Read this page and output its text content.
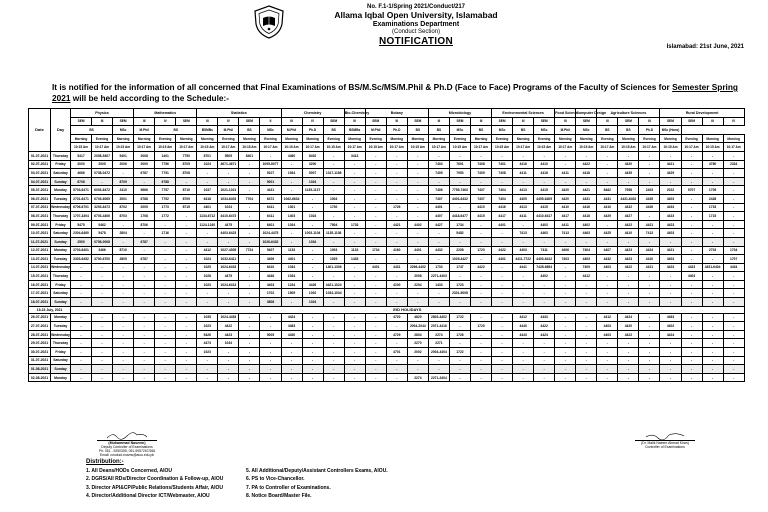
No. F.1-1/Spring 2021/Conduct/217
Allama Iqbal Open University, Islamabad
Examinations Department
(Conduct Section)
NOTIFICATION
Islamabad: 21st June, 2021
It is notified for the information of all concerned that Final Examinations of BS/M.Sc/MS/M.Phil & Ph.D (Face to Face) Programs of the Faculty of Sciences for Semester Spring 2021 will be held according to the Schedule:-
Date	Day	Physics			Mathematics			Statistics				Chemistry			Bio-Chemistry	Botany			Microbiology			Environmental Sciences			Food Science	Computer Design	Agriculture Sciences			Rural Development			
		SEM	III	SEM	III	IV	SEM	III	IV	SEM	II	III	IV	SEM	III	SEM	III	SEM	III	SEM	III	SEM	III	SEM	III	SEM	III	SEM	III	SEM	SEM	III	IV
		BS		MSc	M.Phil	BS		BSMBs	M.Phil	BS	MSc	M.Phil	Ph.D	BS	BSMBs	M.Phil	Ph.D	BS	BS	MSc	BS	MSc	BS	MSc	M.Phil	MSc	BS	BS	Ph.D	MSc (Hons)			
		Morning	Evening	Morning	Morning	Evening	Morning	Morning	Evening	Morning	Evening	Morning	Morning	Evening	Morning	Evening	Morning	Morning	Morning	Evening	Morning	Evening	Morning	Evening	Morning	Morning	Evening	Morning	Evening	Morning	Evening	Morning	Morning
		10:15 Am	10:17 Am	10:15 Am	10:17 Am	10:15 Am	10:17 Am	10:15 Am	10:17 Am	10:15 Am	10:17 Am	10:15 Am	10:17 Am	10:15 Am	10:17 Am	10:15 Am	10:17 Am	10:15 Am	10:17 Am	10:15 Am	10:17 Am	10:15 Am	10:17 Am	10:15 Am	10:17 Am	10:15 Am	10:17 Am	10:15 Am	10:17 Am	10:15 Am	10:17 Am	10:15 Am	10:17 Am
01-07-2021	Thursday	5417	2008-5407	5401	2008	1401	7750	8701	5505	8401	-	4460	8402	-	3413	-	-	-	-	-	-	-	-	-	-	-	-	-	-	-	-	-	-
02-07-2021	Friday	2000	2005	2006	2009	7756	8705	1024	4671-4671	-	1095-8077	-	3200	-	-	-	-	-	7403	7601	7408	7401	4416	4410	-	4422	-	4420	-	4421	-	4780	2334
03-07-2021	Saturday	4666	0738-0472	-	6787	7751	8708	-	-	-	5107	1934	5007	1317-1198	-	-	-	-	7405	7953	7409	7408	4411	4418	4411	4418	-	4435	-	4429	-	-	-
04-07-2021	Sunday	8708	-	8709	-	6788	-	-	-	-	5001	-	1024	-	-	-	-	-	-	-	-	-	-	-	-	-	-	-	-	-	-	-	-
05-07-2021	Monday	5703-6471	6003-6472	2410	5666	7757	8710	1037	1021-1021	-	4431	-	1135-1137	-	-	-	-	-	7406	7755-7463	7407	7404	4413	4415	4420	4421	8462	7958	2403	2022	5707	1705	-
06-07-2021	Tuesday	2701-6471	6703-6065	2001	6788	7752	8709	6418	1034-6403	7704	6472	1062-6634	-	1004	-	-	-	-	7407	4401-6432	7407	7404	4405	4405-6405	4420	4431	4431	4431-6402	4435	4403	-	2428	-
07-07-2021	Wednesday	6706-6701	3203-6473	8702	2005	1773	8715	4401	1024	-	6411	1301	-	1730	-	-	1726	-	4401	-	4410	4416	4413	4415	4410	4416	4410	4432	4426	4433	-	1733	-
08-07-2021	Thursday	1707-4304	6703-4406	8703	1708	1772	-	1134-6712	4410-6473	-	6411	1403	1024	-	-	-	-	-	4407	4418-6477	4415	4417	4411	4410-6417	4417	4418	4429	4427	-	4423	-	1715	-
09-07-2021	Friday	5475	5462	-	8706	-	-	1124-1240	4475	-	6401	1034	-	7804	1733	-	4421	4402	4427	1734	-	4401	-	4403	4411	4402	-	4422	4421	4423	-	-	-
10-07-2021	Saturday	2304-6460	5478	2804	-	1716	-	-	4403-6423	-	1024-4475	-	1003-1104	1135-1136	-	-	-	-	-	5482	-	-	7413	4463	7413	4463	4425	4410	7413	4403	-	-	-
11-07-2021	Sunday	2500	0708-0008	-	6787	-	-	-	-	-	1026-6432	-	1034	-	-	-	-	-	-	-	-	-	-	-	-	-	-	-	-	-	-	-	-
12-07-2021	Monday	3703-6401	3466	8710	-	-	-	4412	1027-4305	7724	5407	1133	-	1003	1133	1734	4160	4401	4432	2208	1723	4422	4403	7411	4406	7404	4407	4423	4424	4421	-	2703	1734
13-07-2021	Tuesday	3303-6452	3700-6700	2805	6787	-	-	1024	1032-6411	-	4406	4401	-	1029	1433	-	-	-	-	1029-4427	-	4401	4411-7722	4403-6412	7403	4403	4432	4423	4410	4403	-	-	1707
14-07-2021	Wednesday	-	-	-	-	-	-	1025	1024-6433	-	6410	1034	-	1401-1306	-	4401	4431	2266-4402	1733	1747	4422	-	4441	7428-6654	-	7409	4403	4422	4421	4423	4423	4451-6404	4434
15-07-2021	Thursday	-	-	-	-	-	-	1028	4475	-	4446	1034	-	-	-	-	-	2008	2271-4403	-	-	-	-	4402	-	4412	-	-	-	-	4403	-	-
16-07-2021	Friday	-	-	-	-	-	-	1023	1024-6413	-	4403	1234	4426	4421-1024	-	-	4100	2204	1433	1723	-	-	-	-	-	-	-	-	-	-	-	-	-
17-07-2021	Saturday	-	-	-	-	-	-	-	-	-	1702	1505	1002	1034-1034	-	-	-	-	-	2301-5008	-	-	-	-	-	-	-	-	-	-	-	-	-
18-07-2021	Sunday	-	-	-	-	-	-	-	-	-	3808	-	1024	-	-	-	-	-	-	-	-	-	-	-	-	-	-	-	-	-	-	-	-
19-23 July, 2021		EID HOLIDAYS																															
26-07-2021	Monday	-	-	-	-	-	-	1035	1024-4453	-	-	4424	-	-	-	-	4720	4820	2803-4402	1722	-	-	4412	4433	-	-	4412	4424	-	4463	-	-	-
27-07-2021	Tuesday	-	-	-	-	-	-	1023	4422	-	-	4483	-	-	-	-	-	2004-2044	2071-4416	-	1720	-	4440	4422	-	-	4403	4420	-	4402	-	-	-
28-07-2021	Wednesday	-	-	-	-	-	-	5426	4423	-	5005	4430	-	-	-	-	4729	2804	2274	1726	-	-	4443	4424	-	-	4403	4422	-	4424	-	-	-
29-07-2021	Thursday	-	-	-	-	-	-	4473	1034	-	-	-	-	-	-	-	-	2270	2271	-	-	-	-	-	-	-	-	-	-	-	-	-	-
30-07-2021	Friday	-	-	-	-	-	-	1023	-	-	-	-	-	-	-	-	4701	2002	2004-4404	1722	-	-	-	-	-	-	-	-	-	-	-	-	-
31-07-2021	Saturday	-	-	-	-	-	-	-	-	-	-	-	-	-	-	-	-	-	-	-	-	-	-	-	-	-	-	-	-	-	-	-	-
01-08-2021	Sunday	-	-	-	-	-	-	-	-	-	-	-	-	-	-	-	-	-	-	-	-	-	-	-	-	-	-	-	-	-	-	-	-
02-08-2021	Monday	-	-	-	-	-	-	-	-	-	-	-	-	-	-	-	-	2274	2271-2404	-	-	-	-	-	-	-	-	-	-	-	-	-	-
(Muhammad Naseem)
Deputy Controller of Examinations
Ph: 051 - 9250355, 051-9057267/266
Email: conduct.exams@aiou.edu.pk
(Dr. Malik Naeem Ahmad Khan)
Controller of Examinations
Distribution:-
1. All Deans/HODs Concerned, AIOU
2. DGRS/All RDs/Director Coordination & Follow-up, AIOU
3. Director API&CP/Public Relations/Students Affair, AIOU
4. Director/Additional Director ICT/Webmaster, AIOU
5. All Additional/Deputy/Assistant Controllers Exams, AIOU.
6. PS to Vice-Chancellor.
7. PA to Controller of Examinations.
8. Notice Board/Master File.
